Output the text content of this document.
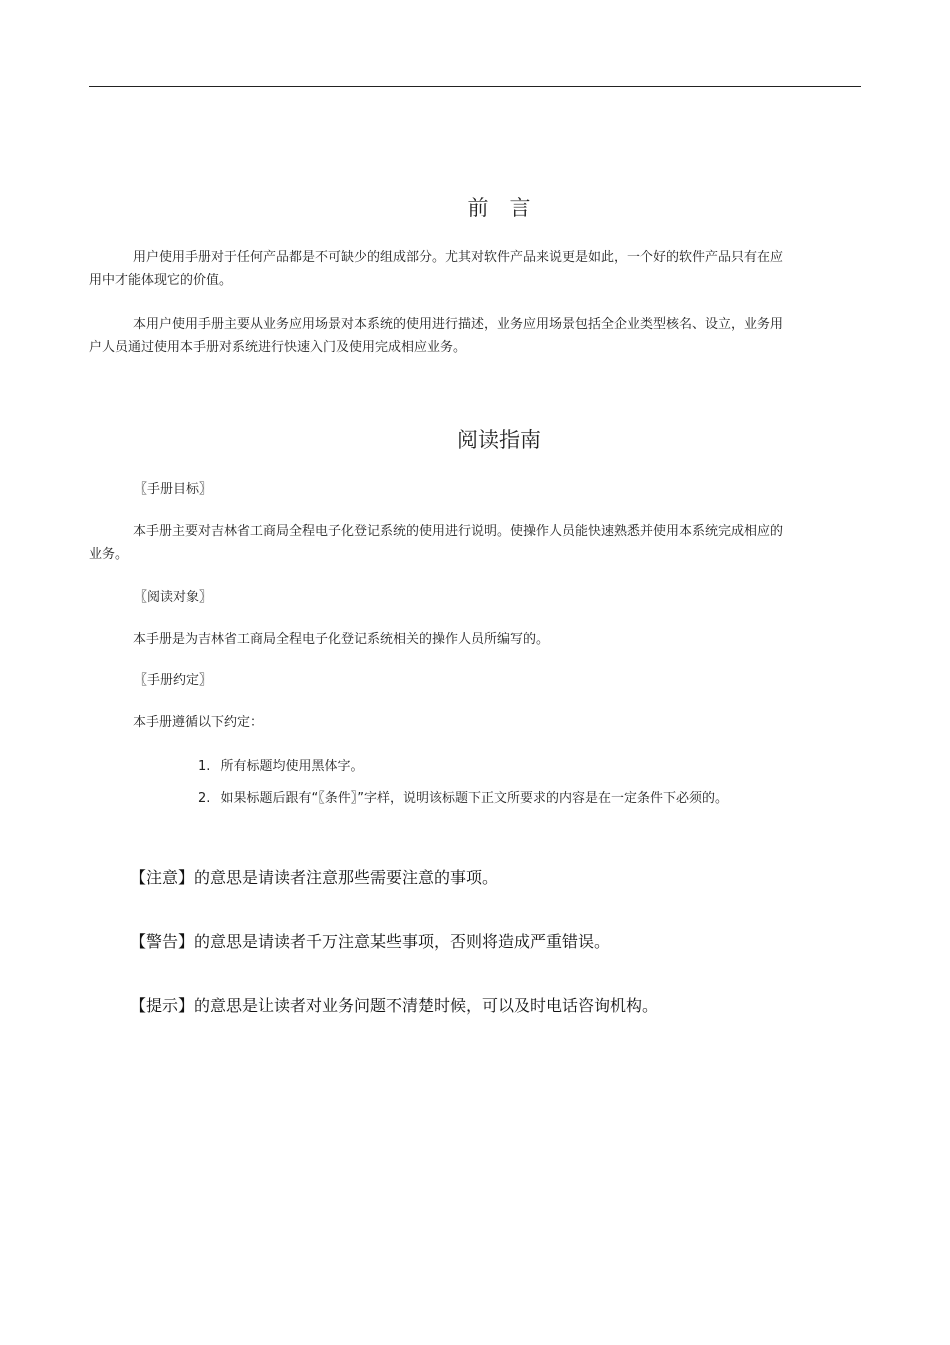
前　言
用户使用手册对于任何产品都是不可缺少的组成部分。尤其对软件产品来说更是如此，一个好的软件产品只有在应用中才能体现它的价值。
本用户使用手册主要从业务应用场景对本系统的使用进行描述，业务应用场景包括全企业类型核名、设立，业务用户人员通过使用本手册对系统进行快速入门及使用完成相应业务。
阅读指南
〖手册目标〗
本手册主要对吉林省工商局全程电子化登记系统的使用进行说明。使操作人员能快速熟悉并使用本系统完成相应的业务。
〖阅读对象〗
本手册是为吉林省工商局全程电子化登记系统相关的操作人员所编写的。
〖手册约定〗
本手册遵循以下约定：
1. 所有标题均使用黑体字。
2. 如果标题后跟有“〖条件〗”字样，说明该标题下正文所要求的内容是在一定条件下必须的。
【注意】的意思是请读者注意那些需要注意的事项。
【警告】的意思是请读者千万注意某些事项，否则将造成严重错误。
【提示】的意思是让读者对业务问题不清楚时候，可以及时电话咨询机构。
